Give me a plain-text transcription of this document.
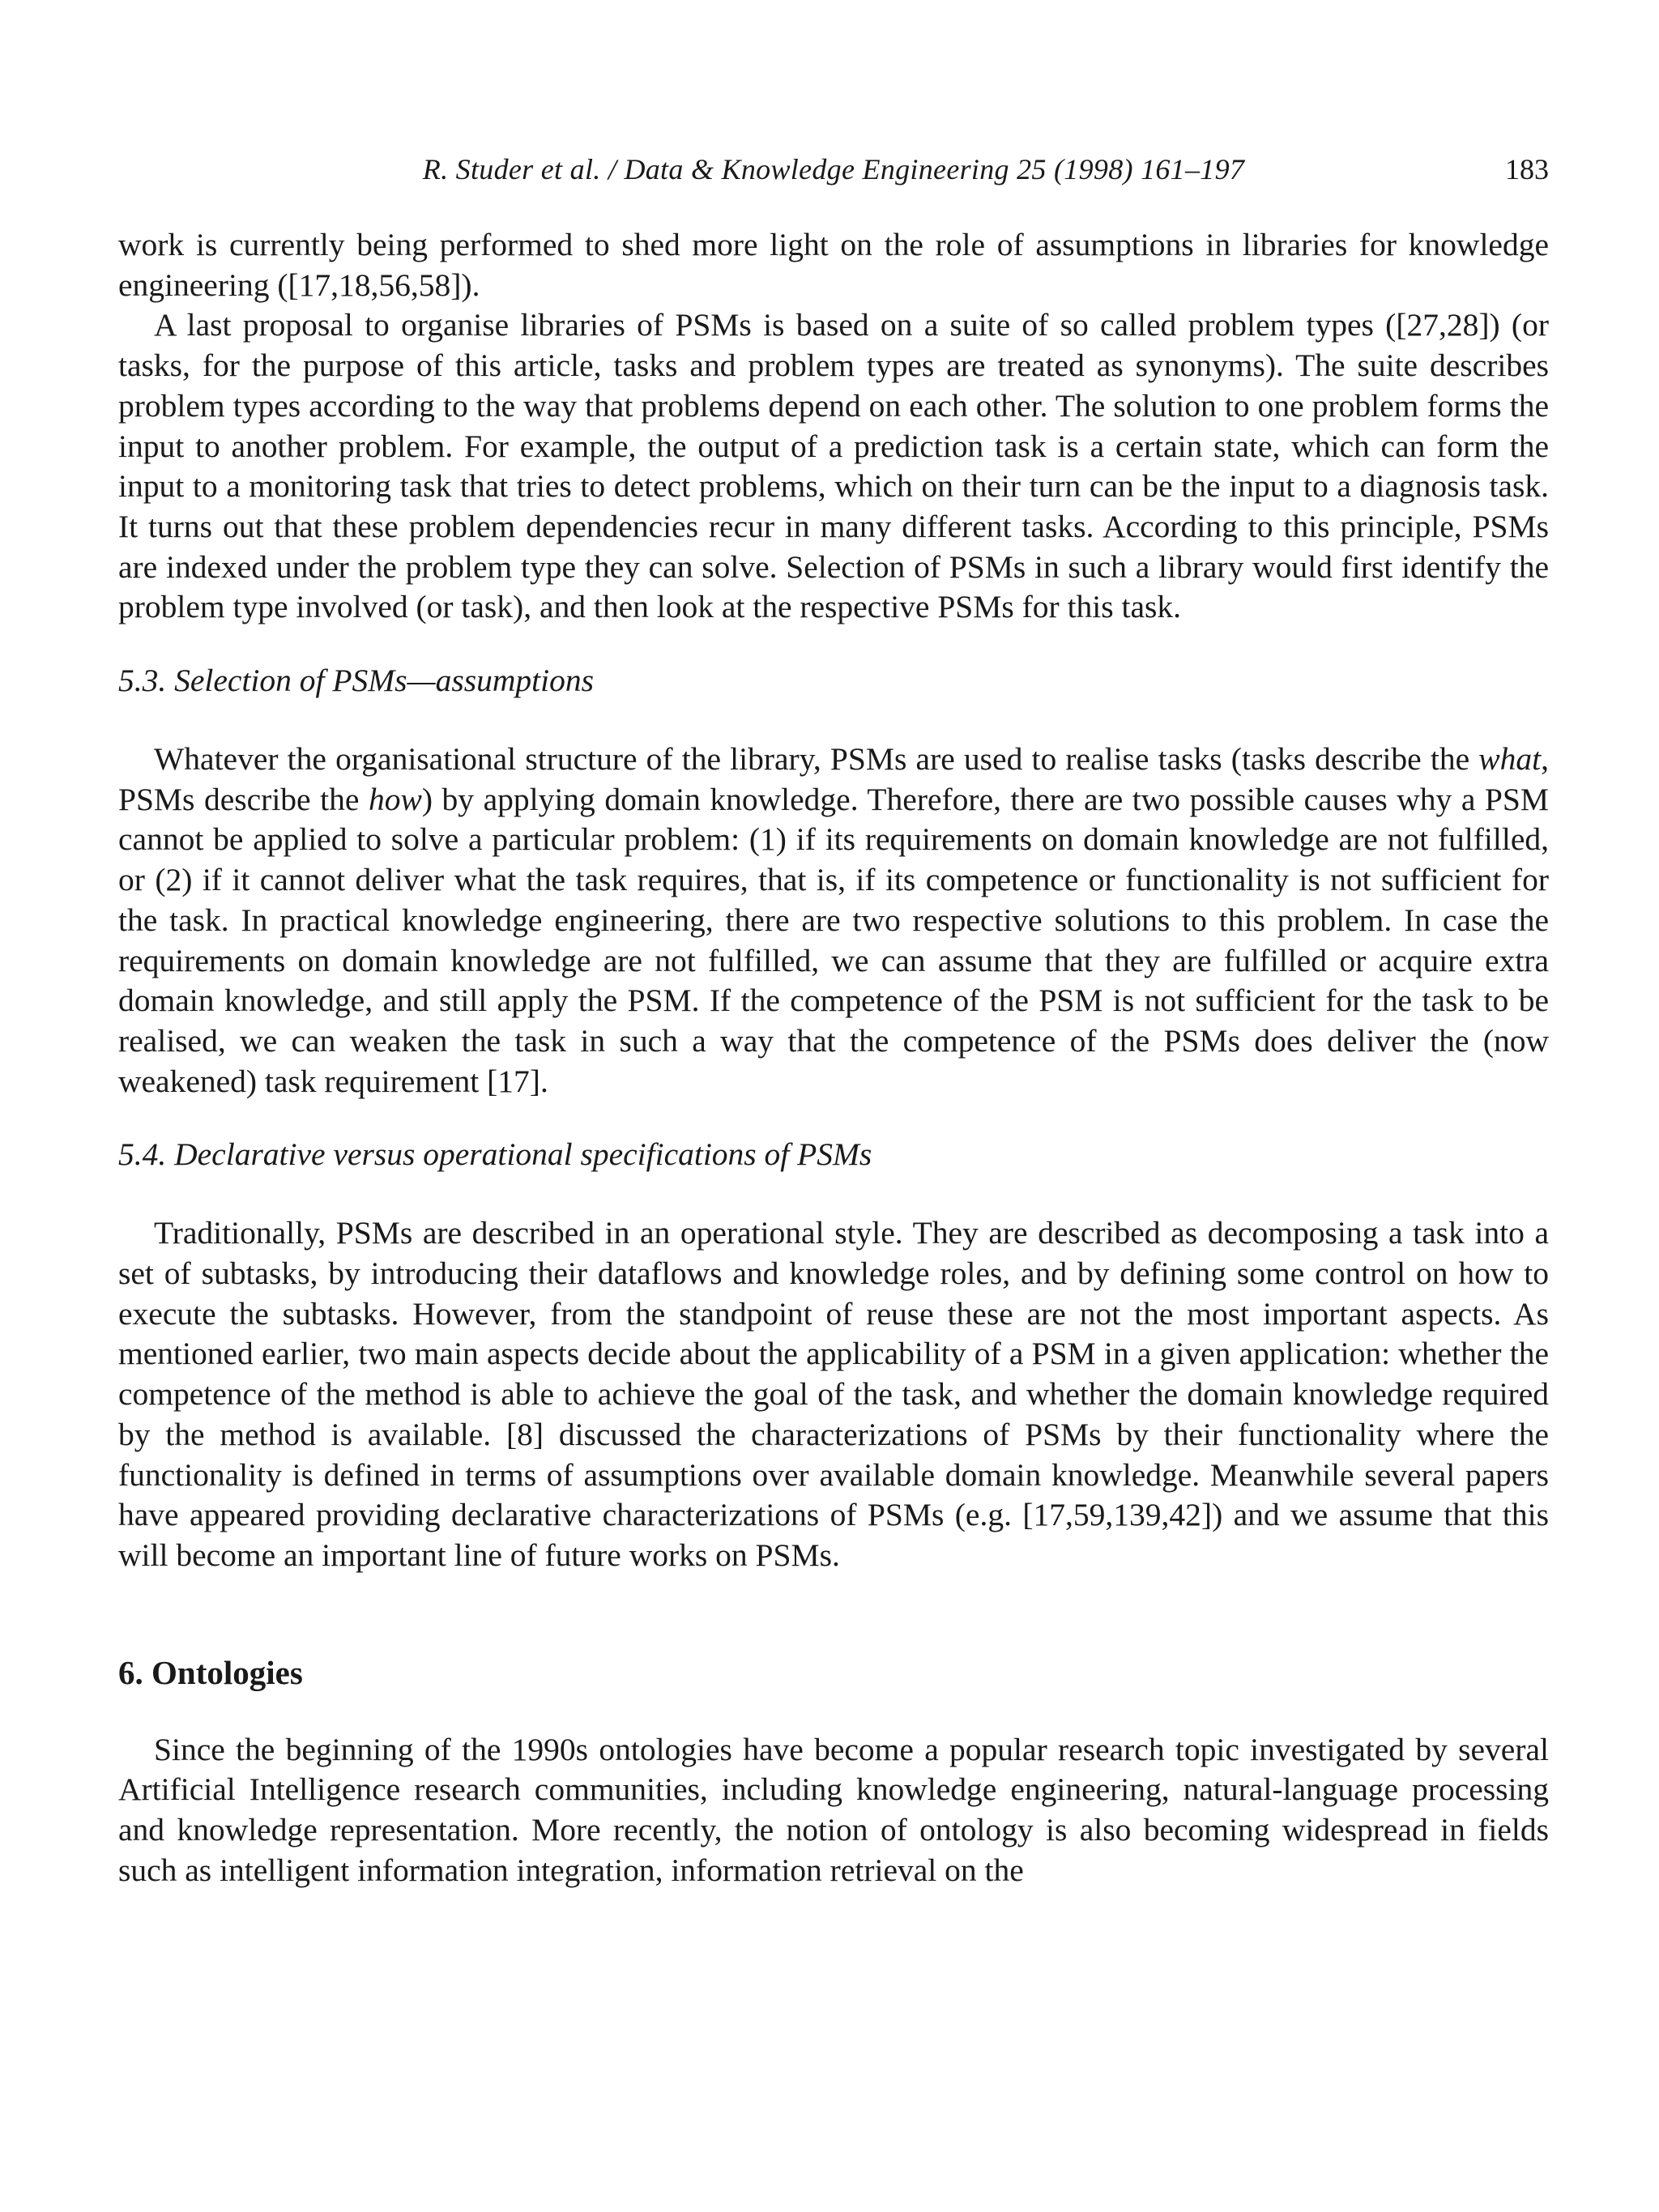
R. Studer et al. / Data & Knowledge Engineering 25 (1998) 161–197	183

work is currently being performed to shed more light on the role of assumptions in libraries for knowledge engineering ([17,18,56,58]).

A last proposal to organise libraries of PSMs is based on a suite of so called problem types ([27,28]) (or tasks, for the purpose of this article, tasks and problem types are treated as synonyms). The suite describes problem types according to the way that problems depend on each other. The solution to one problem forms the input to another problem. For example, the output of a prediction task is a certain state, which can form the input to a monitoring task that tries to detect problems, which on their turn can be the input to a diagnosis task. It turns out that these problem dependencies recur in many different tasks. According to this principle, PSMs are indexed under the problem type they can solve. Selection of PSMs in such a library would first identify the problem type involved (or task), and then look at the respective PSMs for this task.

5.3. Selection of PSMs—assumptions

Whatever the organisational structure of the library, PSMs are used to realise tasks (tasks describe the what, PSMs describe the how) by applying domain knowledge. Therefore, there are two possible causes why a PSM cannot be applied to solve a particular problem: (1) if its requirements on domain knowledge are not fulfilled, or (2) if it cannot deliver what the task requires, that is, if its competence or functionality is not sufficient for the task. In practical knowledge engineering, there are two respective solutions to this problem. In case the requirements on domain knowledge are not fulfilled, we can assume that they are fulfilled or acquire extra domain knowledge, and still apply the PSM. If the competence of the PSM is not sufficient for the task to be realised, we can weaken the task in such a way that the competence of the PSMs does deliver the (now weakened) task requirement [17].

5.4. Declarative versus operational specifications of PSMs

Traditionally, PSMs are described in an operational style. They are described as decomposing a task into a set of subtasks, by introducing their dataflows and knowledge roles, and by defining some control on how to execute the subtasks. However, from the standpoint of reuse these are not the most important aspects. As mentioned earlier, two main aspects decide about the applicability of a PSM in a given application: whether the competence of the method is able to achieve the goal of the task, and whether the domain knowledge required by the method is available. [8] discussed the characterizations of PSMs by their functionality where the functionality is defined in terms of assumptions over available domain knowledge. Meanwhile several papers have appeared providing declarative characterizations of PSMs (e.g. [17,59,139,42]) and we assume that this will become an important line of future works on PSMs.

6. Ontologies

Since the beginning of the 1990s ontologies have become a popular research topic investigated by several Artificial Intelligence research communities, including knowledge engineering, natural-language processing and knowledge representation. More recently, the notion of ontology is also becoming widespread in fields such as intelligent information integration, information retrieval on the
